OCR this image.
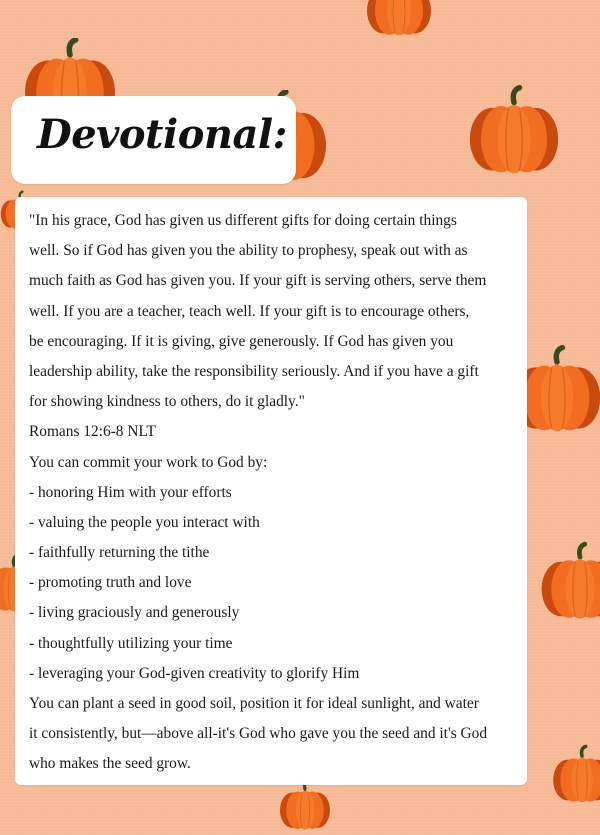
Devotional:
"In his grace, God has given us different gifts for doing certain things
well. So if God has given you the ability to prophesy, speak out with as
much faith as God has given you. If your gift is serving others, serve them
well. If you are a teacher, teach well. If your gift is to encourage others,
be encouraging. If it is giving, give generously. If God has given you
leadership ability, take the responsibility seriously. And if you have a gift
for showing kindness to others, do it gladly."
Romans 12:6-8 NLT
You can commit your work to God by:
- honoring Him with your efforts
- valuing the people you interact with
- faithfully returning the tithe
- promoting truth and love
- living graciously and generously
- thoughtfully utilizing your time
- leveraging your God-given creativity to glorify Him
You can plant a seed in good soil, position it for ideal sunlight, and water
it consistently, but—above all-it's God who gave you the seed and it's God
who makes the seed grow.
